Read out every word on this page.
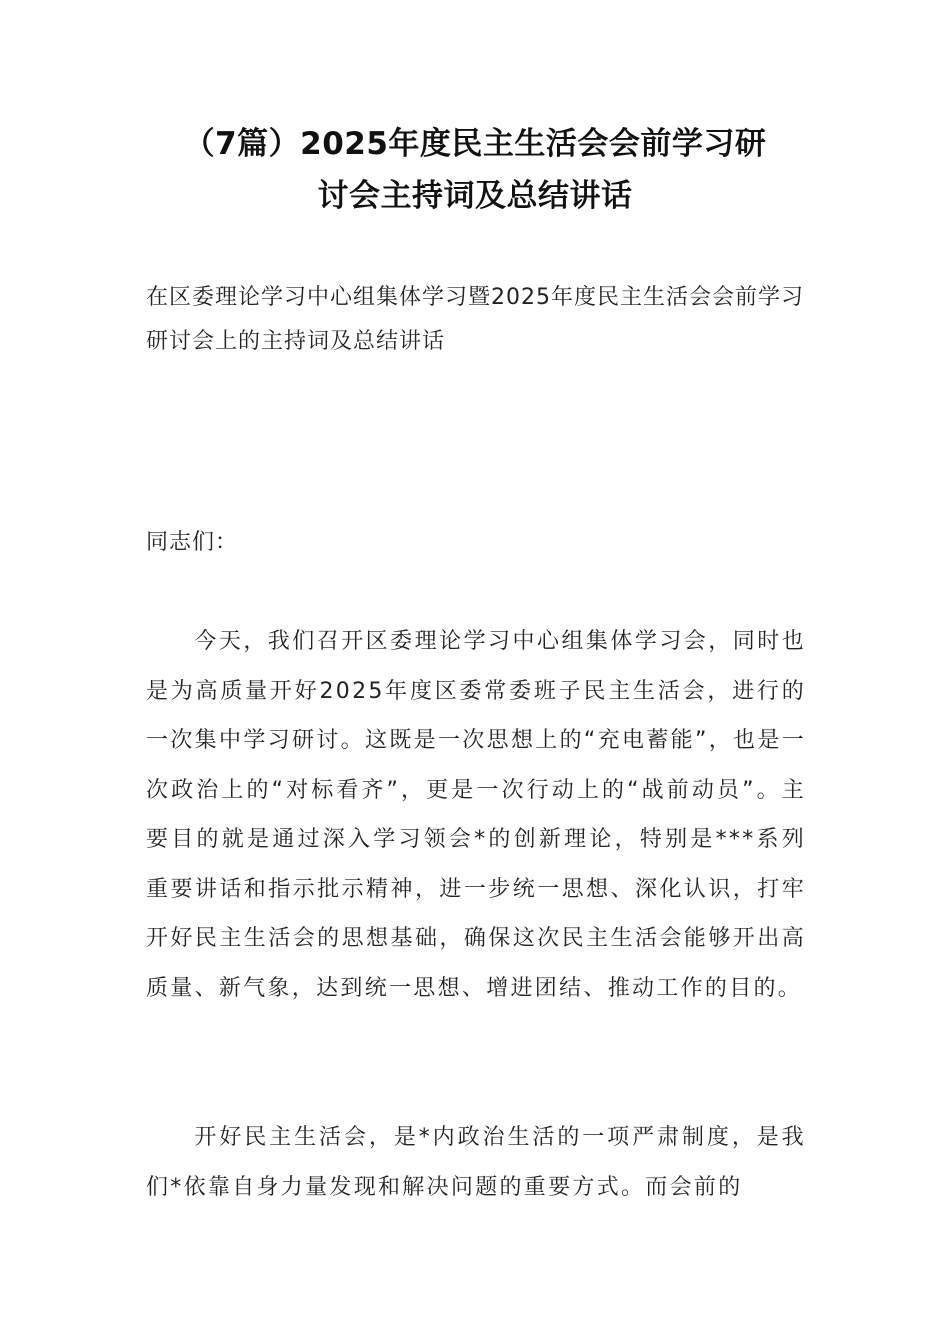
（7篇）2025年度民主生活会会前学习研
讨会主持词及总结讲话
在区委理论学习中心组集体学习暨2025年度民主生活会会前学习研讨会上的主持词及总结讲话
同志们：

今天，我们召开区委理论学习中心组集体学习会，同时也是为高质量开好2025年度区委常委班子民主生活会，进行的一次集中学习研讨。这既是一次思想上的“充电蓄能”，也是一次政治上的“对标看齐”，更是一次行动上的“战前动员”。主要目的就是通过深入学习领会*的创新理论，特别是***系列重要讲话和指示批示精神，进一步统一思想、深化认识，打牢开好民主生活会的思想基础，确保这次民主生活会能够开出高质量、新气象，达到统一思想、增进团结、推动工作的目的。

开好民主生活会，是*内政治生活的一项严肃制度，是我们*依靠自身力量发现和解决问题的重要方式。而会前的
